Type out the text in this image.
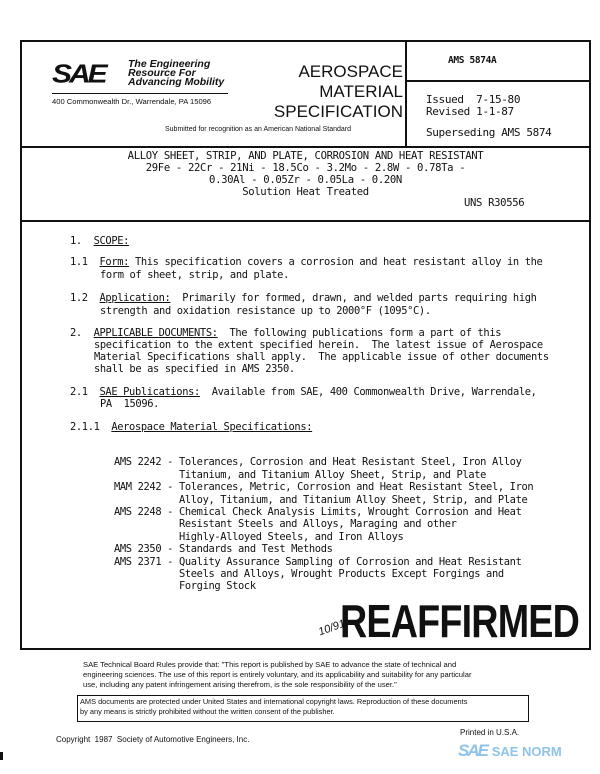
SAE The Engineering
Resource For
Advancing Mobility
400 Commonwealth Dr., Warrendale, PA 15096
AEROSPACE
MATERIAL
SPECIFICATION
Submitted for recognition as an American National Standard
AMS 5874A
Issued  7-15-80
Revised 1-1-87
Superseding AMS 5874
ALLOY SHEET, STRIP, AND PLATE, CORROSION AND HEAT RESISTANT
29Fe - 22Cr - 21Ni - 18.5Co - 3.2Mo - 2.8W - 0.78Ta -
0.30Al - 0.05Zr - 0.05La - 0.20N
Solution Heat Treated
UNS R30556
1. SCOPE:
1.1 Form: This specification covers a corrosion and heat resistant alloy in the
form of sheet, strip, and plate.
1.2 Application:  Primarily for formed, drawn, and welded parts requiring high
strength and oxidation resistance up to 2000°F (1095°C).
2. APPLICABLE DOCUMENTS:  The following publications form a part of this
specification to the extent specified herein.  The latest issue of Aerospace
Material Specifications shall apply.  The applicable issue of other documents
shall be as specified in AMS 2350.
2.1 SAE Publications:  Available from SAE, 400 Commonwealth Drive, Warrendale,
PA  15096.
2.1.1 Aerospace Material Specifications:

AMS 2242 - Tolerances, Corrosion and Heat Resistant Steel, Iron Alloy
Titanium, and Titanium Alloy Sheet, Strip, and Plate
MAM 2242 - Tolerances, Metric, Corrosion and Heat Resistant Steel, Iron
Alloy, Titanium, and Titanium Alloy Sheet, Strip, and Plate
AMS 2248 - Chemical Check Analysis Limits, Wrought Corrosion and Heat
Resistant Steels and Alloys, Maraging and other
Highly-Alloyed Steels, and Iron Alloys
AMS 2350 - Standards and Test Methods
AMS 2371 - Quality Assurance Sampling of Corrosion and Heat Resistant
Steels and Alloys, Wrought Products Except Forgings and
Forging Stock
10/91
REAFFIRMED
SAE Technical Board Rules provide that: "This report is published by SAE to advance the state of technical and
engineering sciences. The use of this report is entirely voluntary, and its applicability and suitability for any particular
use, including any patent infringement arising therefrom, is the sole responsibility of the user."
AMS documents are protected under United States and international copyright laws. Reproduction of these documents
by any means is strictly prohibited without the written consent of the publisher.
Copyright  1987  Society of Automotive Engineers, Inc.
Printed in U.S.A.
SAE SAE NORM
